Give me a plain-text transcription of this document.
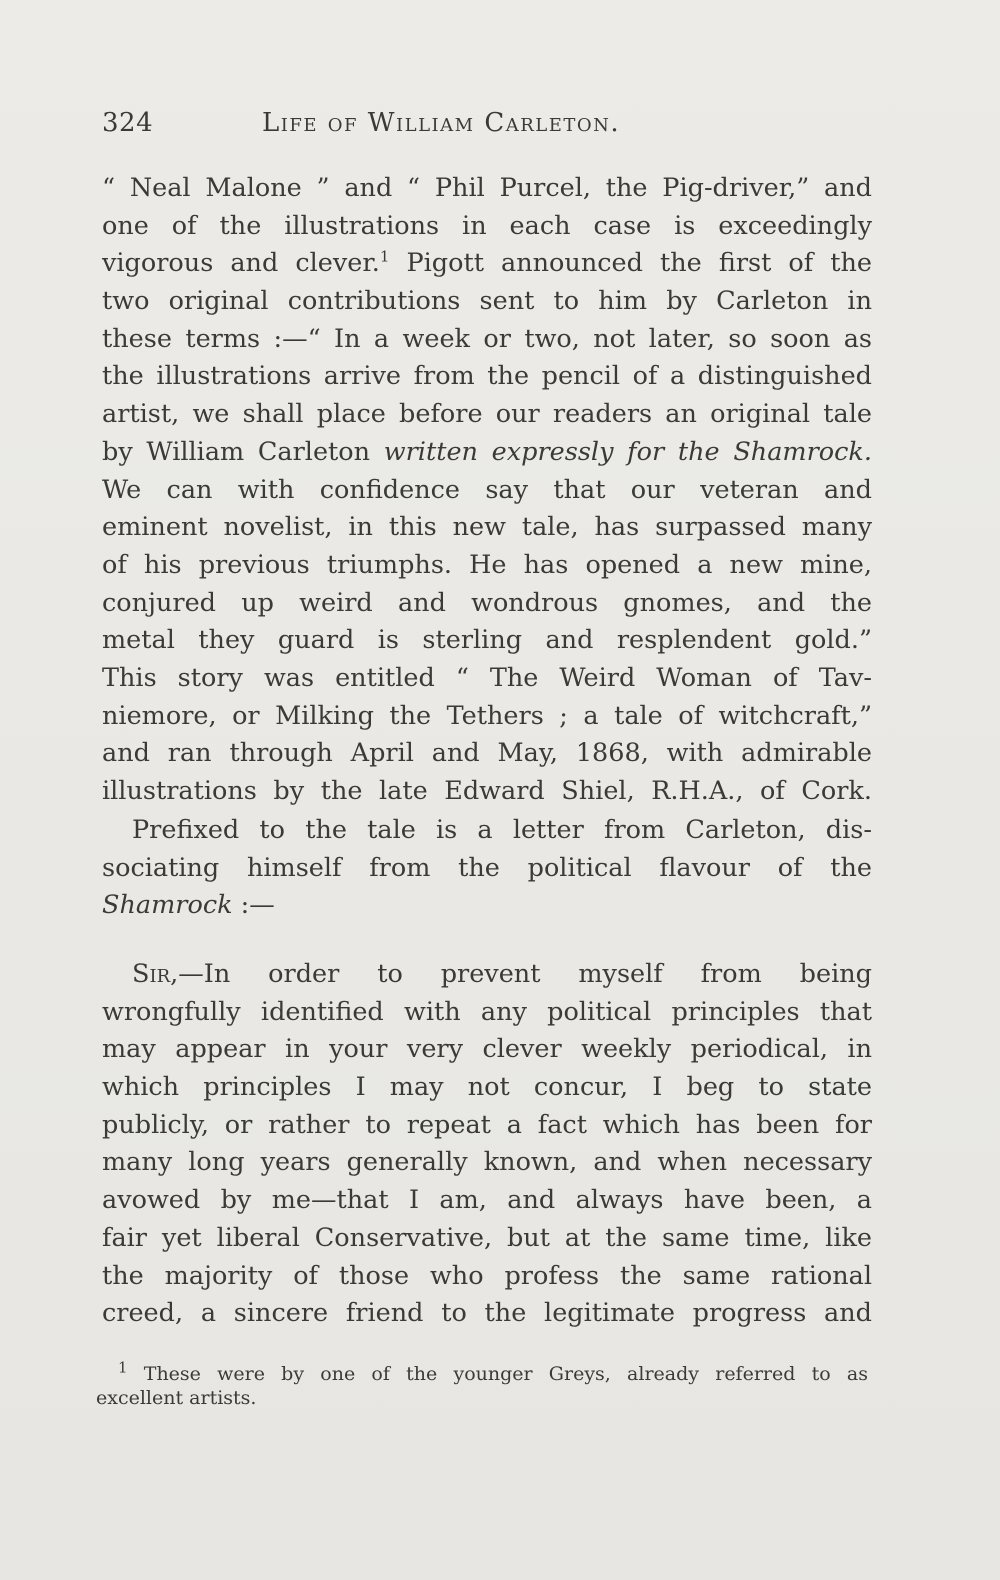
324	Life of William Carleton.
“ Neal Malone ” and “ Phil Purcel, the Pig-driver,” and
one of the illustrations in each case is exceedingly
vigorous and clever.$^1$ Pigott announced the first of the
two original contributions sent to him by Carleton in
these terms :—“ In a week or two, not later, so soon as
the illustrations arrive from the pencil of a distinguished
artist, we shall place before our readers an original tale
by William Carleton written expressly for the Shamrock.
We can with confidence say that our veteran and
eminent novelist, in this new tale, has surpassed many
of his previous triumphs. He has opened a new mine,
conjured up weird and wondrous gnomes, and the
metal they guard is sterling and resplendent gold.”
This story was entitled “ The Weird Woman of Tav-
niemore, or Milking the Tethers ; a tale of witchcraft,”
and ran through April and May, 1868, with admirable
illustrations by the late Edward Shiel, R.H.A., of Cork.
Prefixed to the tale is a letter from Carleton, dis-
sociating himself from the political flavour of the
Shamrock :—
Sir,—In order to prevent myself from being
wrongfully identified with any political principles that
may appear in your very clever weekly periodical, in
which principles I may not concur, I beg to state
publicly, or rather to repeat a fact which has been for
many long years generally known, and when necessary
avowed by me—that I am, and always have been, a
fair yet liberal Conservative, but at the same time, like
the majority of those who profess the same rational
creed, a sincere friend to the legitimate progress and
$^1$ These were by one of the younger Greys, already referred to as
excellent artists.
